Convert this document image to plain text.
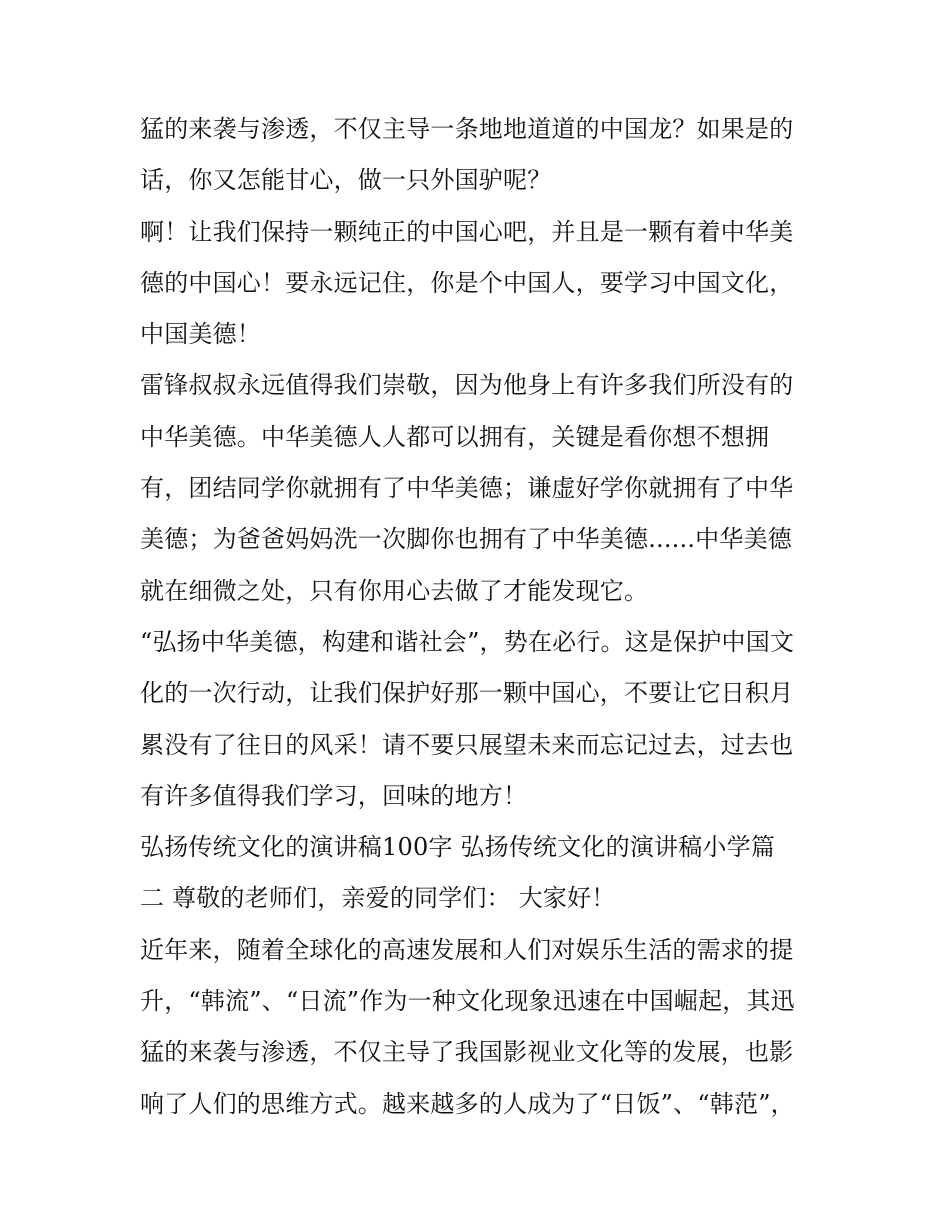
猛的来袭与渗透，不仅主导一条地地道道的中国龙？如果是的
话，你又怎能甘心，做一只外国驴呢？
啊！让我们保持一颗纯正的中国心吧，并且是一颗有着中华美
德的中国心！要永远记住，你是个中国人，要学习中国文化，
中国美德！
雷锋叔叔永远值得我们崇敬，因为他身上有许多我们所没有的
中华美德。中华美德人人都可以拥有，关键是看你想不想拥
有，团结同学你就拥有了中华美德；谦虚好学你就拥有了中华
美德；为爸爸妈妈洗一次脚你也拥有了中华美德......中华美德
就在细微之处，只有你用心去做了才能发现它。
“弘扬中华美德，构建和谐社会”，势在必行。这是保护中国文
化的一次行动，让我们保护好那一颗中国心，不要让它日积月
累没有了往日的风采！请不要只展望未来而忘记过去，过去也
有许多值得我们学习，回味的地方！
弘扬传统文化的演讲稿100字 弘扬传统文化的演讲稿小学篇
二 尊敬的老师们，亲爱的同学们： 大家好！
近年来，随着全球化的高速发展和人们对娱乐生活的需求的提
升，“韩流”、“日流”作为一种文化现象迅速在中国崛起，其迅
猛的来袭与渗透，不仅主导了我国影视业文化等的发展，也影
响了人们的思维方式。越来越多的人成为了“日饭”、“韩范”，
